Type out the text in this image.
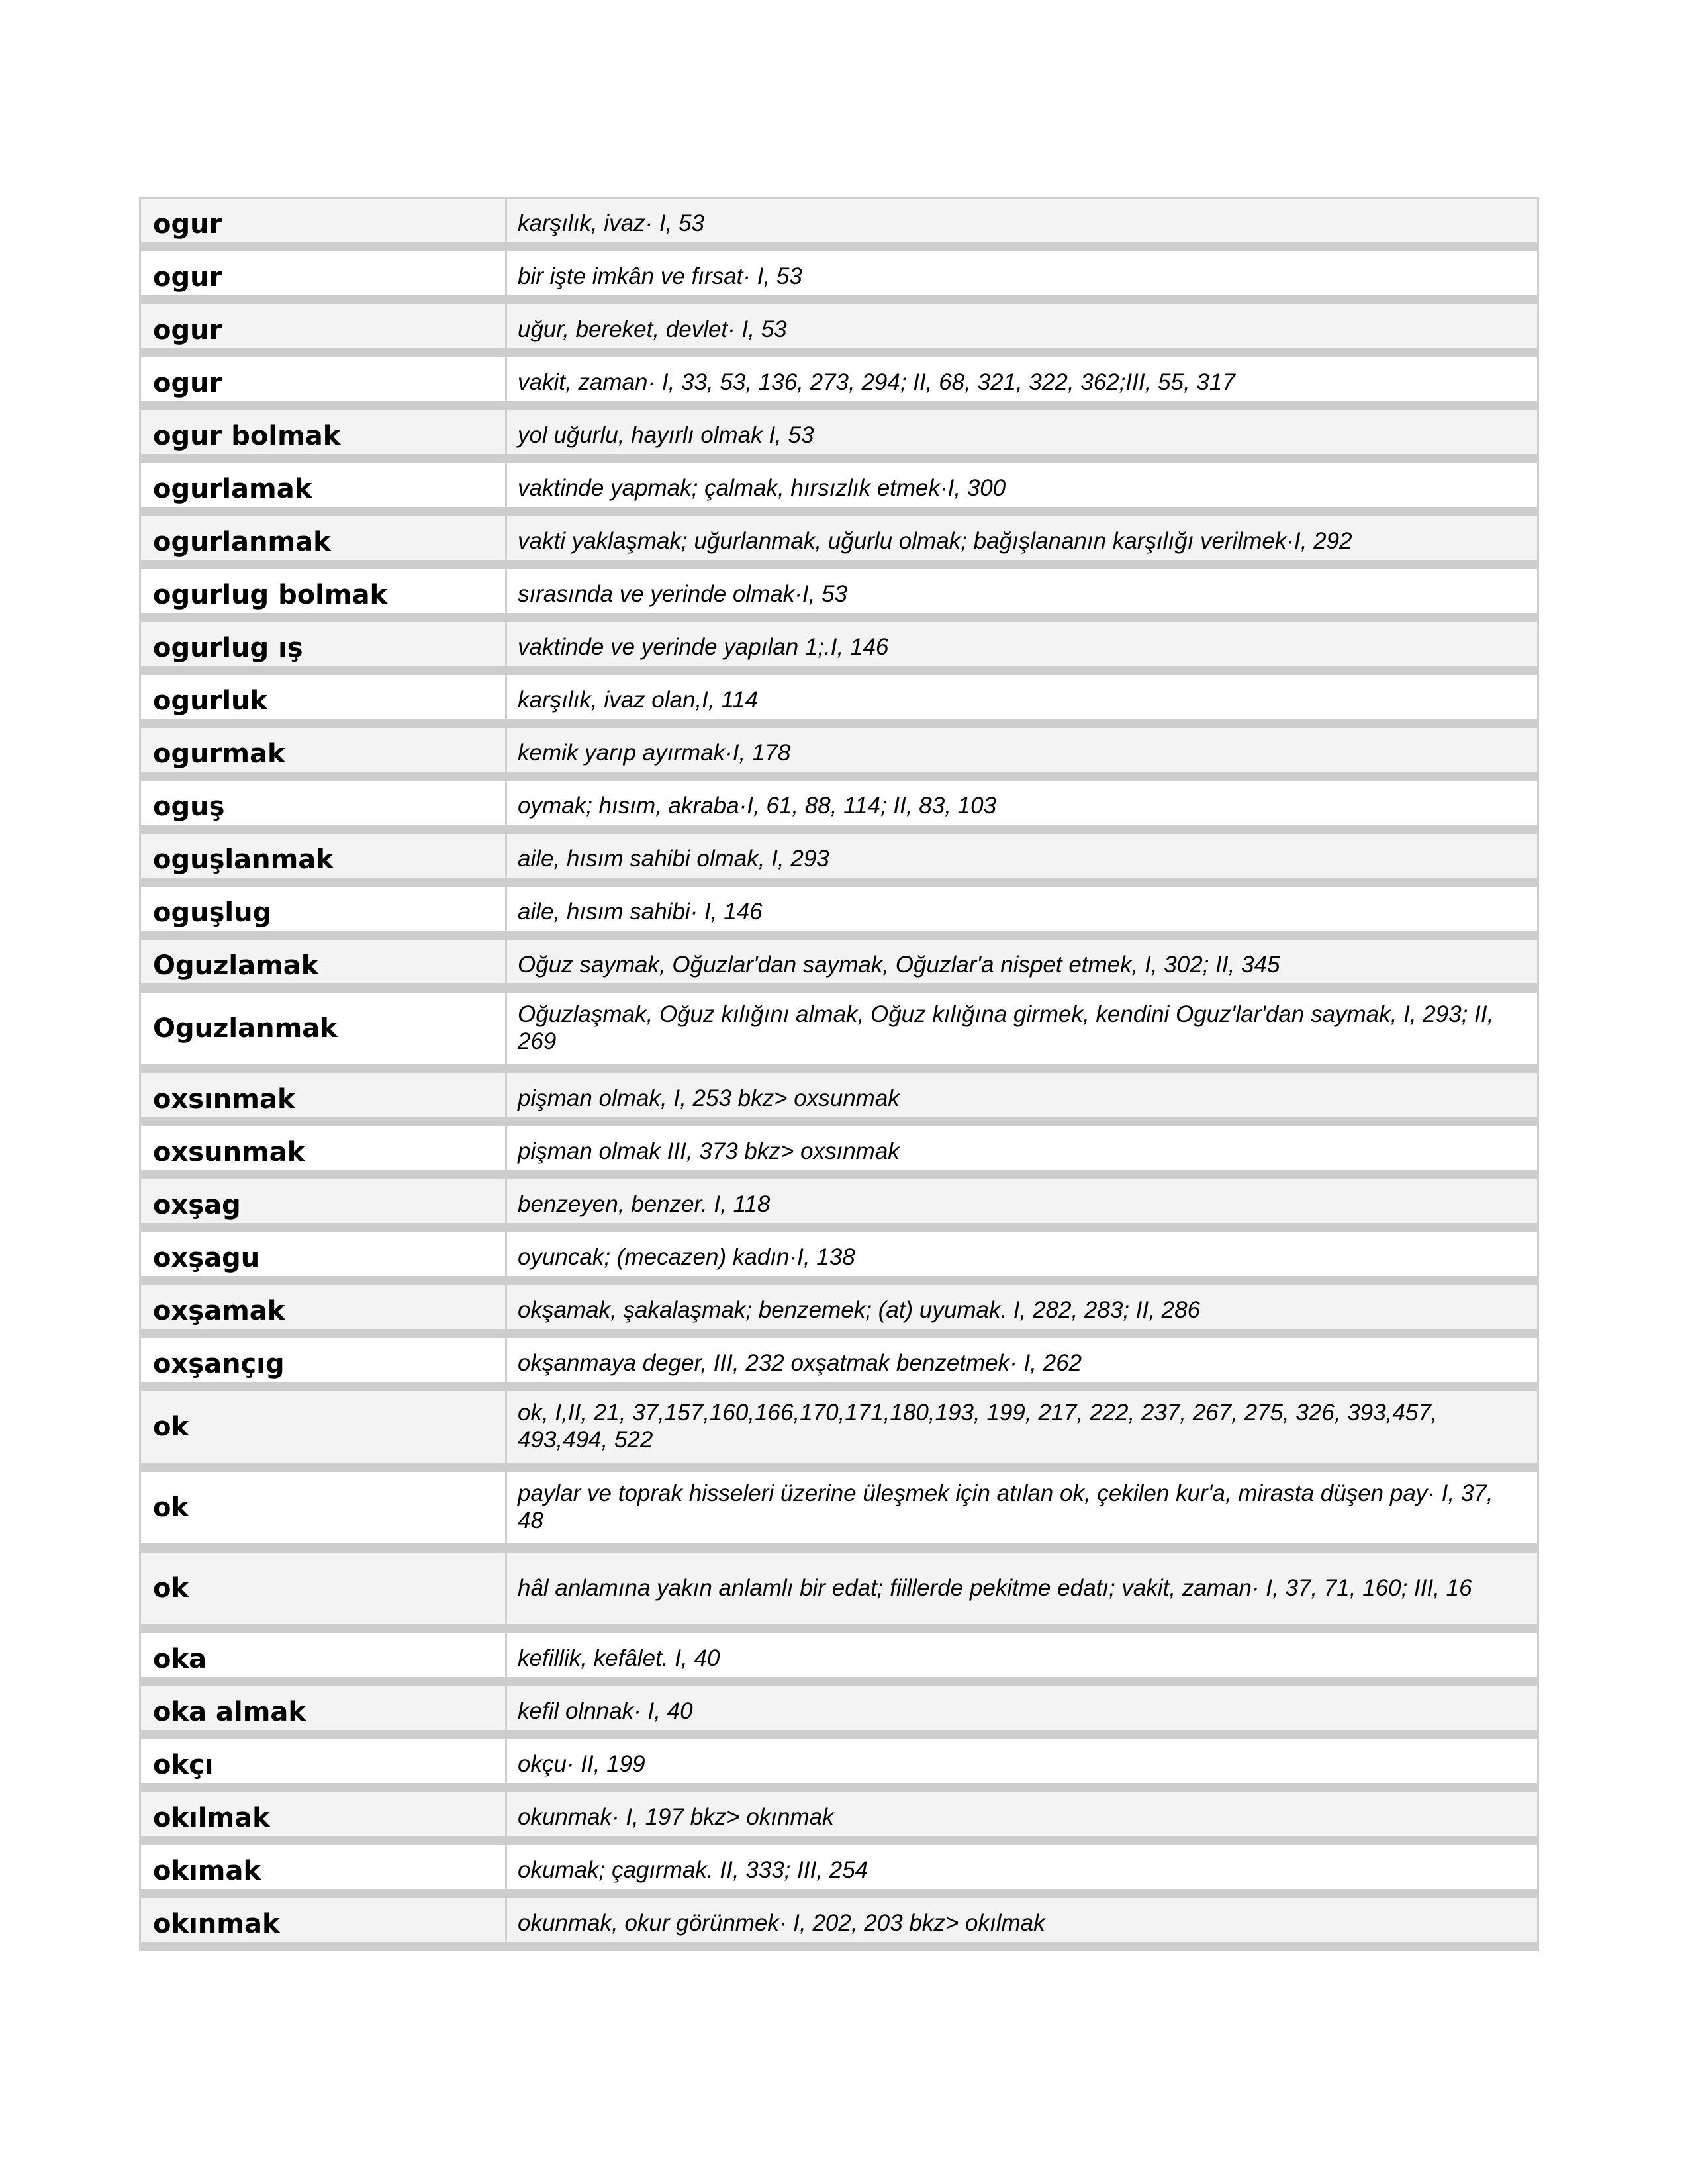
ogur	karşılık, ivaz· I, 53
ogur	bir işte imkân ve fırsat· I, 53
ogur	uğur, bereket, devlet· I, 53
ogur	vakit, zaman· I, 33, 53, 136, 273, 294; II, 68, 321, 322, 362;III, 55, 317
ogur bolmak	yol uğurlu, hayırlı olmak I, 53
ogurlamak	vaktinde yapmak; çalmak, hırsızlık etmek·I, 300
ogurlanmak	vakti yaklaşmak; uğurlanmak, uğurlu olmak; bağışlananın karşılığı verilmek·I, 292
ogurlug bolmak	sırasında ve yerinde olmak·I, 53
ogurlug ış	vaktinde ve yerinde yapılan 1;.I, 146
ogurluk	karşılık, ivaz olan,I, 114
ogurmak	kemik yarıp ayırmak·I, 178
oguş	oymak; hısım, akraba·I, 61, 88, 114; II, 83, 103
oguşlanmak	aile, hısım sahibi olmak, I, 293
oguşlug	aile, hısım sahibi· I, 146
Oguzlamak	Oğuz saymak, Oğuzlar'dan saymak, Oğuzlar'a nispet etmek, I, 302; II, 345
Oguzlanmak	Oğuzlaşmak, Oğuz kılığını almak, Oğuz kılığına girmek, kendini Oguz'lar'dan saymak, I, 293; II, 269
oxsınmak	pişman olmak, I, 253 bkz> oxsunmak
oxsunmak	pişman olmak III, 373 bkz> oxsınmak
oxşag	benzeyen, benzer. I, 118
oxşagu	oyuncak; (mecazen) kadın·I, 138
oxşamak	okşamak, şakalaşmak; benzemek; (at) uyumak. I, 282, 283; II, 286
oxşançıg	okşanmaya deger, III, 232 oxşatmak benzetmek· I, 262
ok	ok, I,II, 21, 37,157,160,166,170,171,180,193, 199, 217, 222, 237, 267, 275, 326, 393,457, 493,494, 522
ok	paylar ve toprak hisseleri üzerine üleşmek için atılan ok, çekilen kur'a, mirasta düşen pay· I, 37, 48
ok	hâl anlamına yakın anlamlı bir edat; fiillerde pekitme edatı; vakit, zaman· I, 37, 71, 160; III, 16
oka	kefillik, kefâlet. I, 40
oka almak	kefil olnnak· I, 40
okçı	okçu· II, 199
okılmak	okunmak· I, 197 bkz> okınmak
okımak	okumak; çagırmak. II, 333; III, 254
okınmak	okunmak, okur görünmek· I, 202, 203 bkz> okılmak
